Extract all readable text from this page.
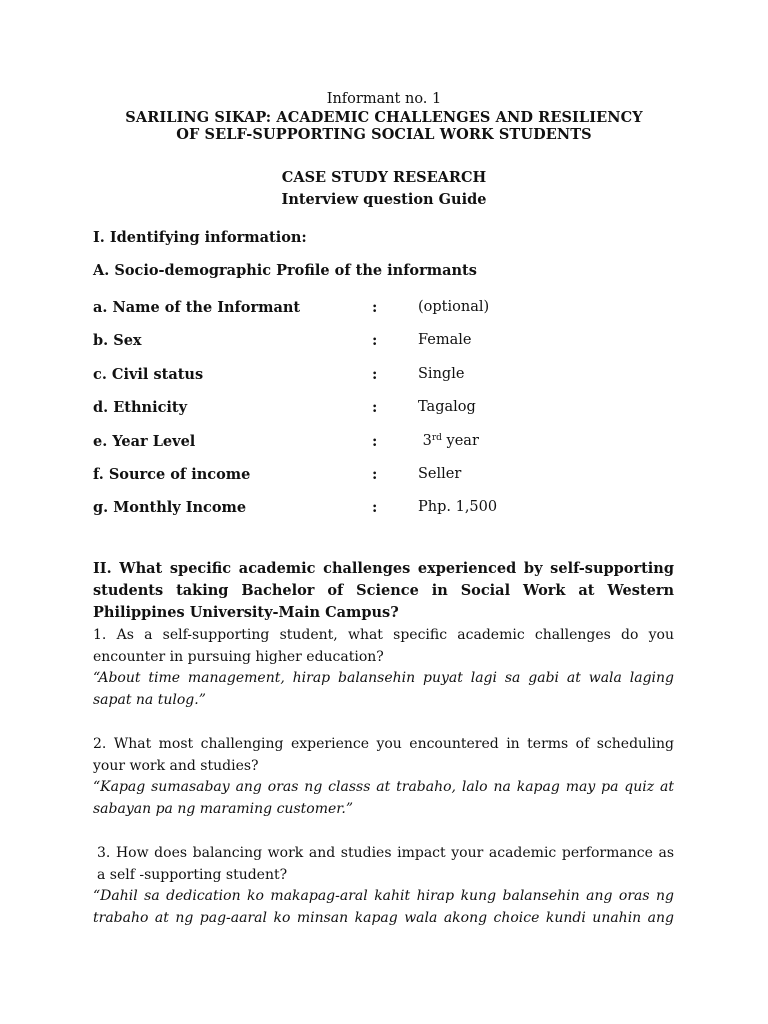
Informant no. 1
SARILING SIKAP: ACADEMIC CHALLENGES AND RESILIENCY
OF SELF-SUPPORTING SOCIAL WORK STUDENTS
CASE STUDY RESEARCH
Interview question Guide
I. Identifying information:
A. Socio-demographic Profile of the informants
a. Name of the Informant	:	(optional)
b. Sex	:	Female
c. Civil status	:	Single
d. Ethnicity	:	Tagalog
e. Year Level	:	3rd year
f. Source of income	:	Seller
g. Monthly Income	:	Php. 1,500
II. What specific academic challenges experienced by self-supporting students taking Bachelor of Science in Social Work at Western Philippines University-Main Campus?
1. As a self-supporting student, what specific academic challenges do you encounter in pursuing higher education?
“About time management, hirap balansehin puyat lagi sa gabi at wala laging sapat na tulog.”
2. What most challenging experience you encountered in terms of scheduling your work and studies?
“Kapag sumasabay ang oras ng classs at trabaho, lalo na kapag may pa quiz at sabayan pa ng maraming customer.”
3. How does balancing work and studies impact your academic performance as a self -supporting student?
“Dahil sa dedication ko makapag-aral kahit hirap kung balansehin ang oras ng trabaho at ng pag-aaral ko minsan kapag wala akong choice kundi unahin ang
